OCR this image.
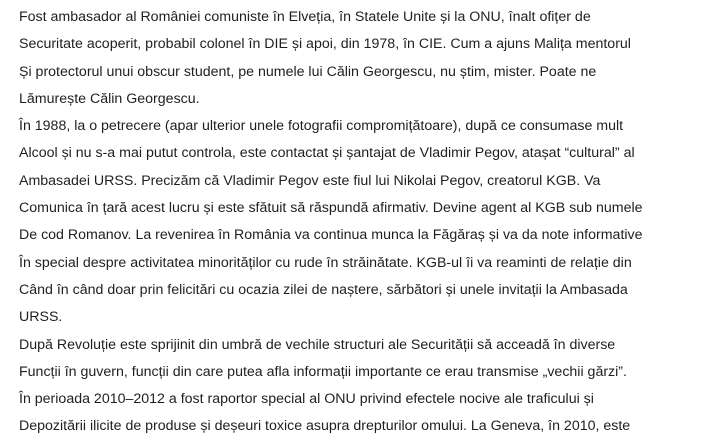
Fost ambasador al României comuniste în Elveția, în Statele Unite și la ONU, înalt ofițer de
Securitate acoperit, probabil colonel în DIE și apoi, din 1978, în CIE. Cum a ajuns Malița mentorul
Și protectorul unui obscur student, pe numele lui Călin Georgescu, nu știm, mister. Poate ne
Lămurește Călin Georgescu.
În 1988, la o petrecere (apar ulterior unele fotografii compromițătoare), după ce consumase mult
Alcool și nu s-a mai putut controla, este contactat și șantajat de Vladimir Pegov, atașat “cultural” al
Ambasadei URSS. Precizăm că Vladimir Pegov este fiul lui Nikolai Pegov, creatorul KGB. Va
Comunica în țară acest lucru și este sfătuit să răspundă afirmativ. Devine agent al KGB sub numele
De cod Romanov. La revenirea în România va continua munca la Făgăraș și va da note informative
În special despre activitatea minorităților cu rude în străinătate. KGB-ul îi va reaminti de relație din
Când în când doar prin felicitări cu ocazia zilei de naștere, sărbători și unele invitații la Ambasada
URSS.
După Revoluție este sprijinit din umbră de vechile structuri ale Securității să acceadă în diverse
Funcții în guvern, funcții din care putea afla informații importante ce erau transmise „vechii gărzi”.
În perioada 2010–2012 a fost raportor special al ONU privind efectele nocive ale traficului și
Depozitării ilicite de produse și deșeuri toxice asupra drepturilor omului. La Geneva, în 2010, este
